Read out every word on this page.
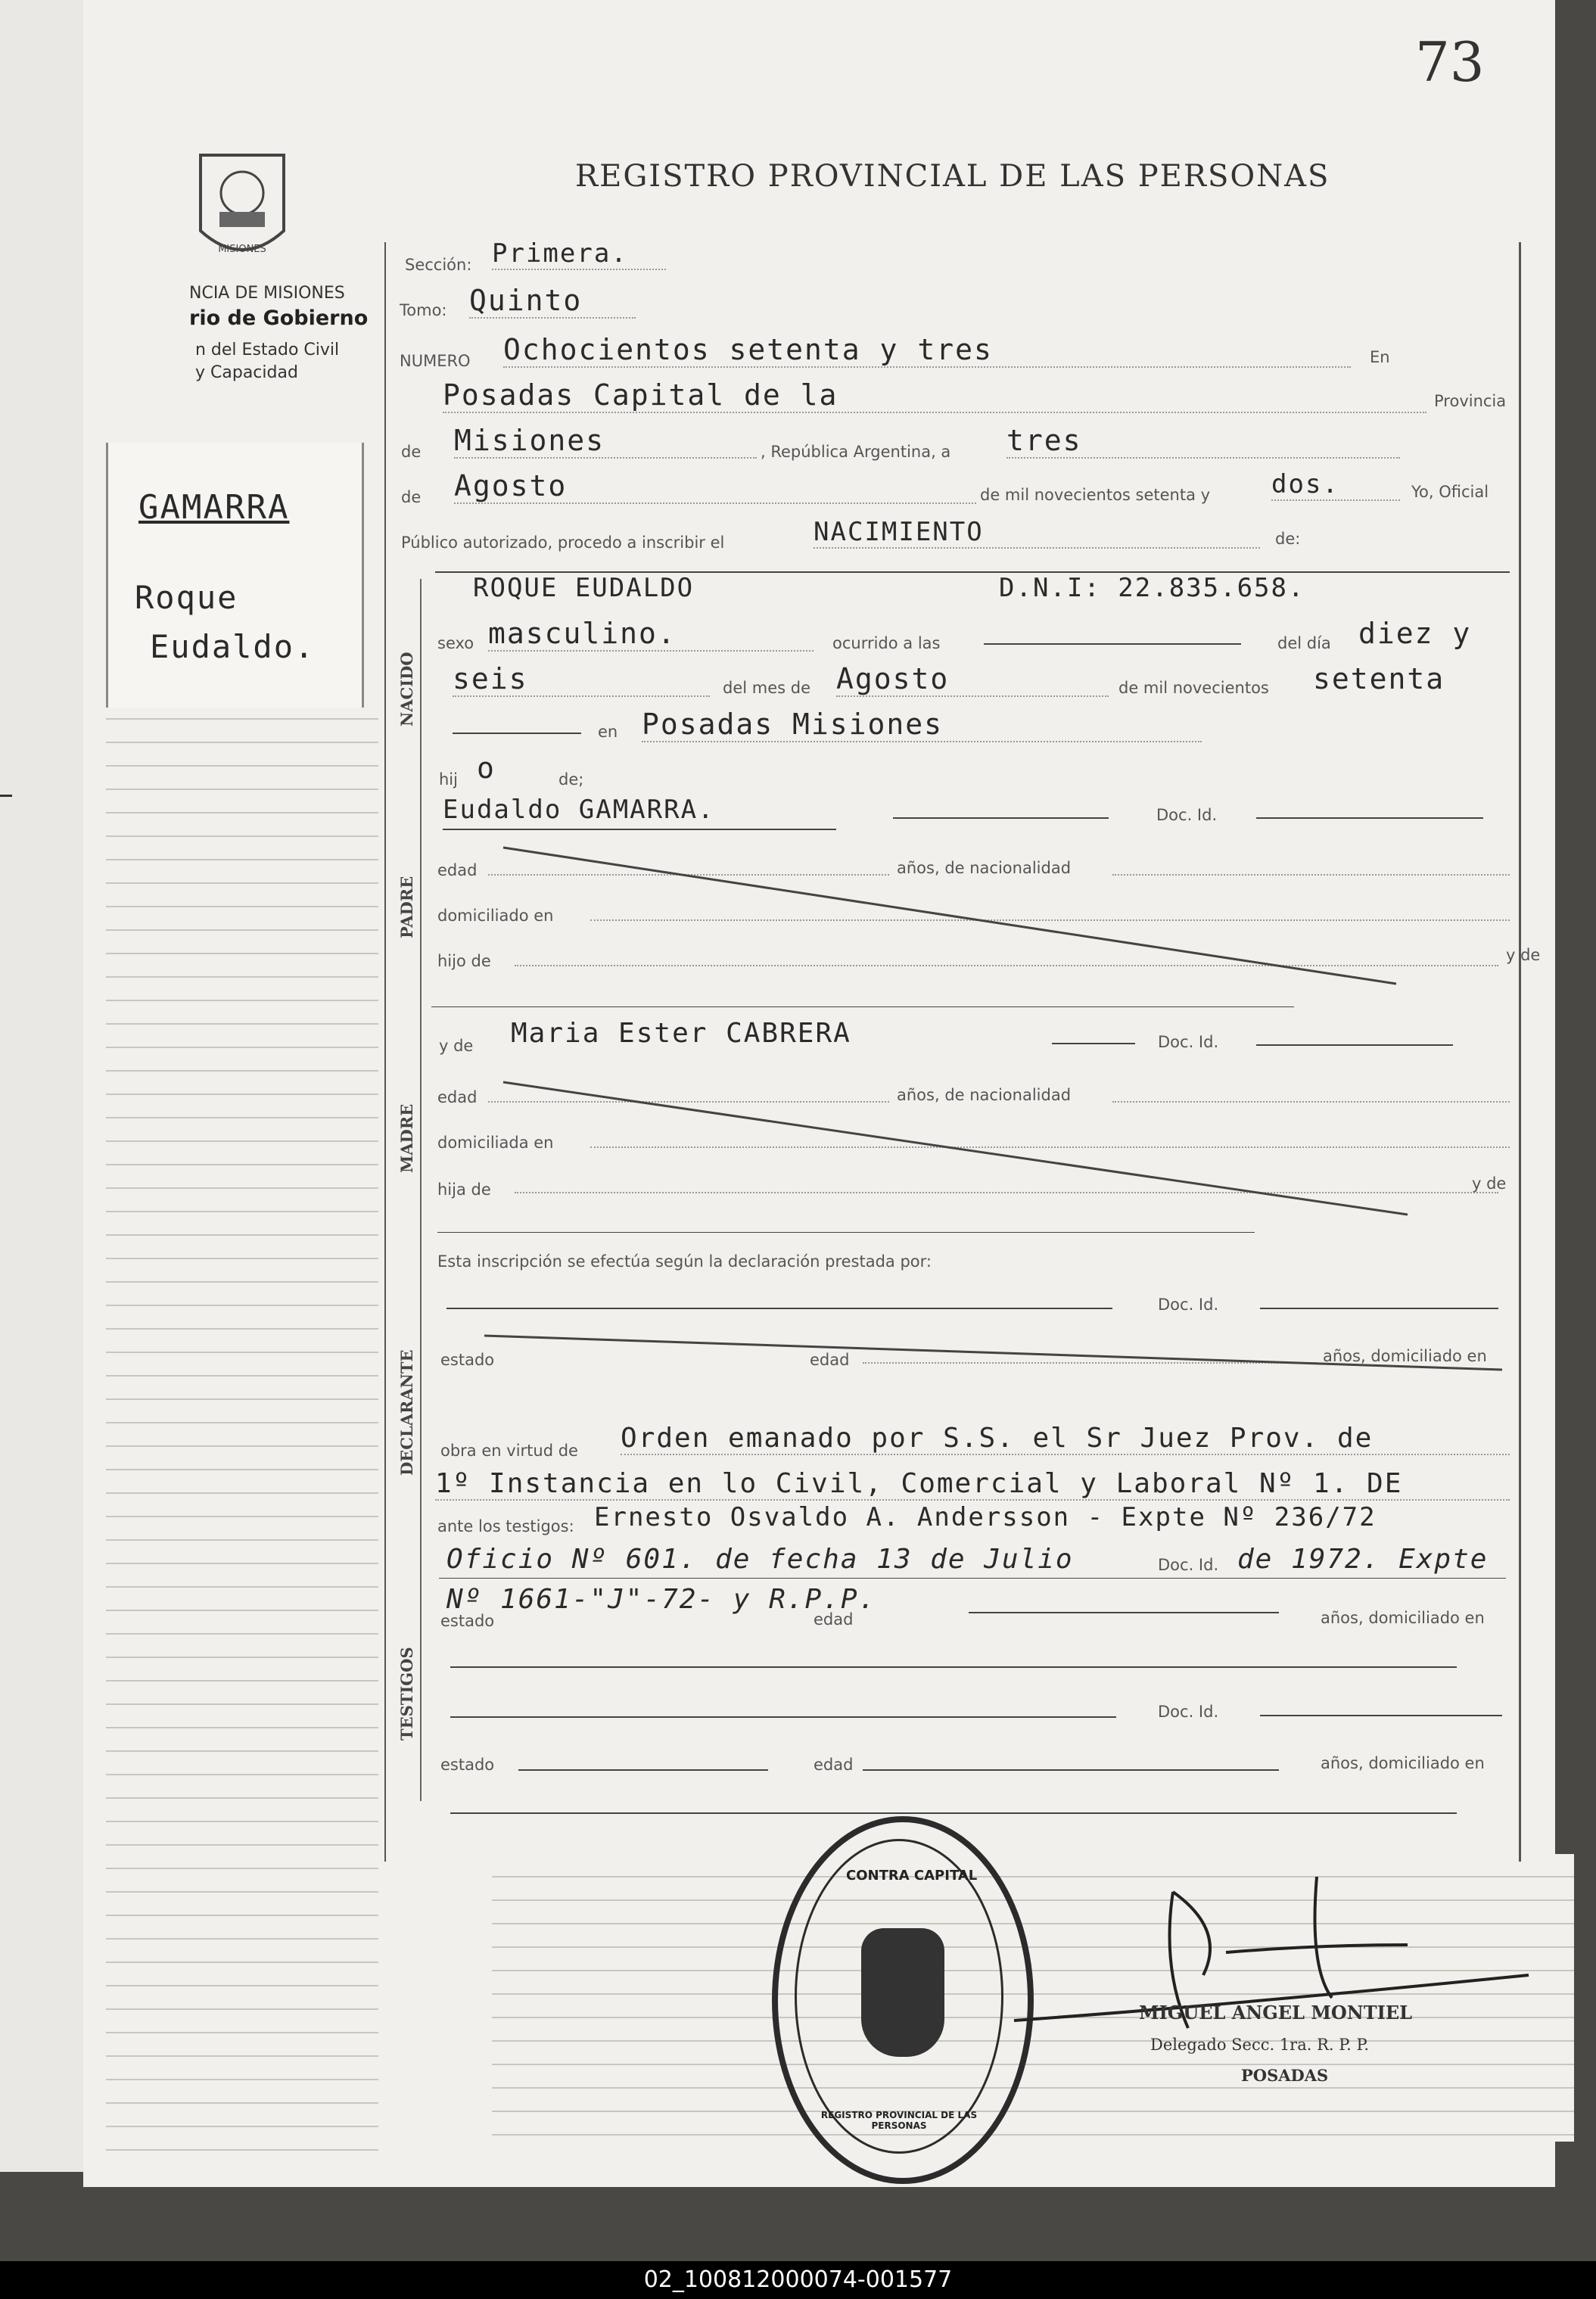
73
MISIONES
NCIA DE MISIONES
rio de Gobierno
n del Estado Civil
y Capacidad
REGISTRO PROVINCIAL DE LAS PERSONAS
GAMARRA
Roque
Eudaldo.
Sección: Primera.
Tomo: Quinto
NUMERO Ochocientos setenta y tres	En
Posadas Capital de la	Provincia
de Misiones	, República Argentina, a tres
de Agosto	de mil novecientos setenta y dos.	Yo, Oficial
Público autorizado, procedo a inscribir el	NACIMIENTO	de:
NACIDO
ROQUE EUDALDO	D.N.I: 22.835.658.
sexo masculino.	ocurrido a las	del día diez y
seis	del mes de Agosto	de mil novecientos setenta
en Posadas Misiones
hij o	de;
PADRE
Eudaldo GAMARRA.	Doc. Id.
edad	años, de nacionalidad
domiciliado en
hijo de	y de
MADRE
y de Maria Ester CABRERA	Doc. Id.
edad	años, de nacionalidad
domiciliada en
hija de	y de
Esta inscripción se efectúa según la declaración prestada por:
DECLARANTE
Doc. Id.
estado	edad	años, domiciliado en
obra en virtud de Orden emanado por S.S. el Sr Juez Prov. de
1º Instancia en lo Civil, Comercial y Laboral Nº 1. DE
ante los testigos: Ernesto Osvaldo A. Andersson - Expte Nº 236/72
Oficio Nº 601. de fecha 13 de Julio	Doc. Id. de 1972. Expte
TESTIGOS
Nº 1661-"J"-72- y R.P.P.
estado	edad	años, domiciliado en
Doc. Id.
estado	edad	años, domiciliado en
CONTRA CAPITAL
REGISTRO PROVINCIAL DE LAS PERSONAS
MIGUEL ANGEL MONTIEL
Delegado Secc. 1ra. R. P. P.
POSADAS
02_100812000074-001577
